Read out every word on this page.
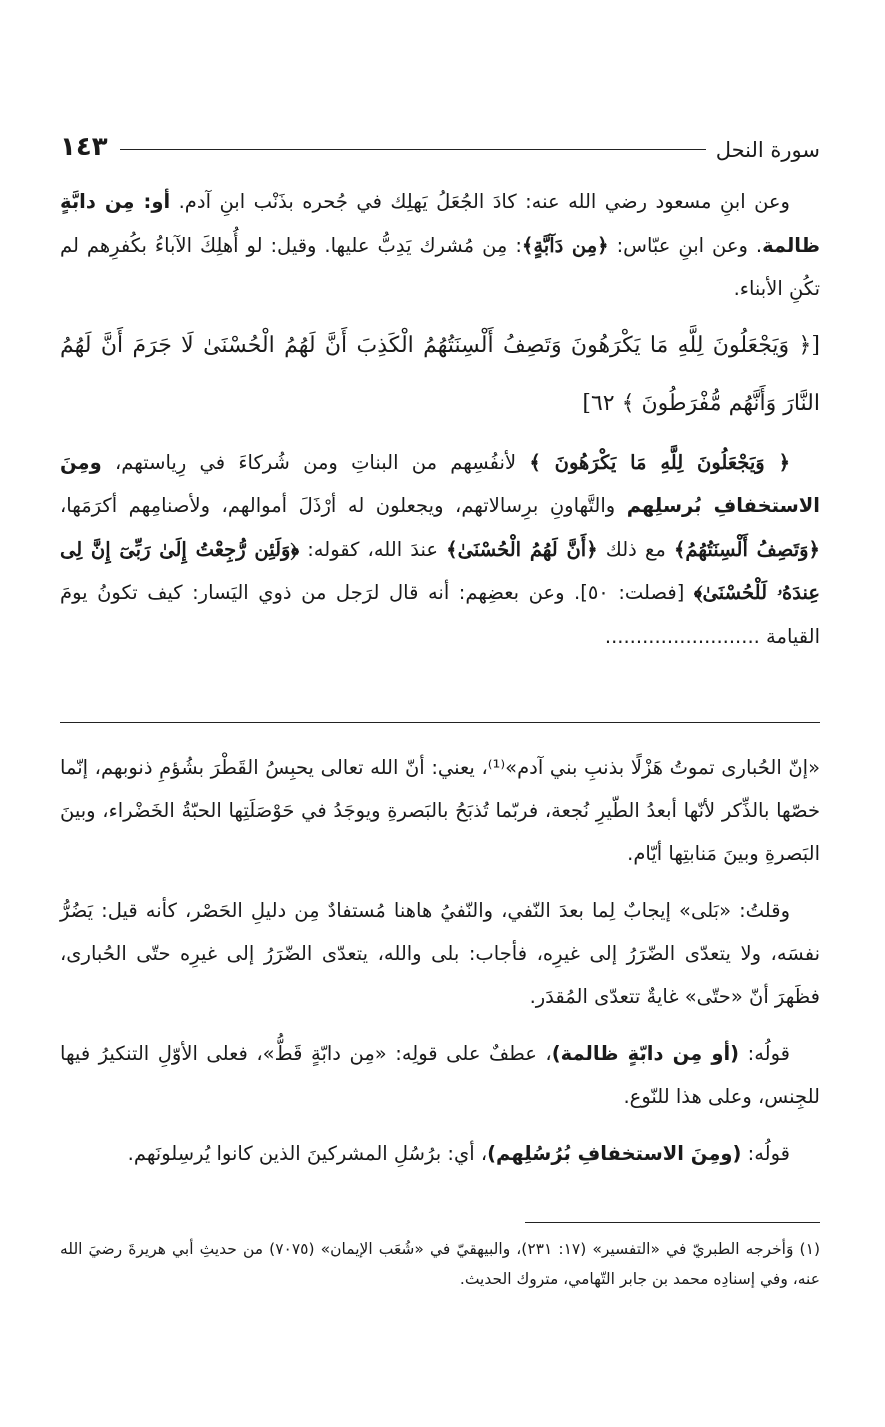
سورة النحل
١٤٣

وعن ابنِ مسعود رضي الله عنه: كادَ الجُعَلُ يَهلِك في جُحره بذَنْب ابنِ آدم. أو: مِن دابَّةٍ ظالمة. وعن ابنِ عبّاس: ﴿مِن دَآبَّةٍ﴾: مِن مُشرك يَدِبُّ عليها. وقيل: لو أُهلِكَ الآباءُ بكُفرِهم لم تكُنِ الأبناء.

[﴿ وَيَجْعَلُونَ لِلَّهِ مَا يَكْرَهُونَ وَتَصِفُ أَلْسِنَتُهُمُ الْكَذِبَ أَنَّ لَهُمُ الْحُسْنَىٰ لَا جَرَمَ أَنَّ لَهُمُ النَّارَ وَأَنَّهُم مُّفْرَطُونَ ﴾ ٦٢]

﴿ وَيَجْعَلُونَ لِلَّهِ مَا يَكْرَهُونَ ﴾ لأنفُسِهم من البناتِ ومن شُركاءَ في رِياستهم، ومِنَ الاستخفافِ بُرسلِهم والتَّهاونِ برِسالاتهم، ويجعلون له أرْذَلَ أموالهم، ولأصنامِهم أكرَمَها، ﴿وَتَصِفُ أَلْسِنَتُهُمُ﴾ مع ذلك ﴿أَنَّ لَهُمُ الْحُسْنَىٰ﴾ عندَ الله، كقوله: ﴿وَلَئِن رُّجِعْتُ إِلَىٰ رَبِّىٓ إِنَّ لِى عِندَهُۥ لَلْحُسْنَىٰ﴾ [فصلت: ٥٠]. وعن بعضِهم: أنه قال لرَجل من ذوي اليَسار: كيف تكونُ يومَ القيامة .........................

«إنّ الحُبارى تموتُ هَزْلًا بذنبِ بني آدم»⁽¹⁾، يعني: أنّ الله تعالى يحبِسُ القَطْرَ بشُؤمِ ذنوبهم، إنّما خصّها بالذِّكر لأنّها أبعدُ الطّيرِ نُجعة، فربّما تُذبَحُ بالبَصرةِ ويوجَدُ في حَوْصَلَتِها الحبّةُ الخَضْراء، وبينَ البَصرةِ وبينَ مَنابتِها أيّام.

وقلتُ: «بَلى» إيجابٌ لِما بعدَ النّفي، والنّفيُ هاهنا مُستفادٌ مِن دليلِ الحَصْر، كأنه قيل: يَضُرُّ نفسَه، ولا يتعدّى الضّرَرُ إلى غيرِه، فأجاب: بلى والله، يتعدّى الضّرَرُ إلى غيرِه حتّى الحُبارى، فظَهرَ أنّ «حتّى» غايةٌ تتعدّى المُقدَر.

قولُه: (أو مِن دابّةٍ ظالمة)، عطفٌ على قولِه: «مِن دابّةٍ قَطُّ»، فعلى الأوّلِ التنكيرُ فيها للجِنس، وعلى هذا للنّوع.

قولُه: (ومِنَ الاستخفافِ بُرُسُلِهم)، أي: برُسُلِ المشركينَ الذين كانوا يُرسِلونَهم.

(١) وَأخرجه الطبريّ في «التفسير» (١٧: ٢٣١)، والبيهقيّ في «شُعَب الإيمان» (٧٠٧٥) من حديثِ أبي هريرةَ رضيَ الله عنه، وفي إسنادِه محمد بن جابر التّهامي، متروك الحديث.
